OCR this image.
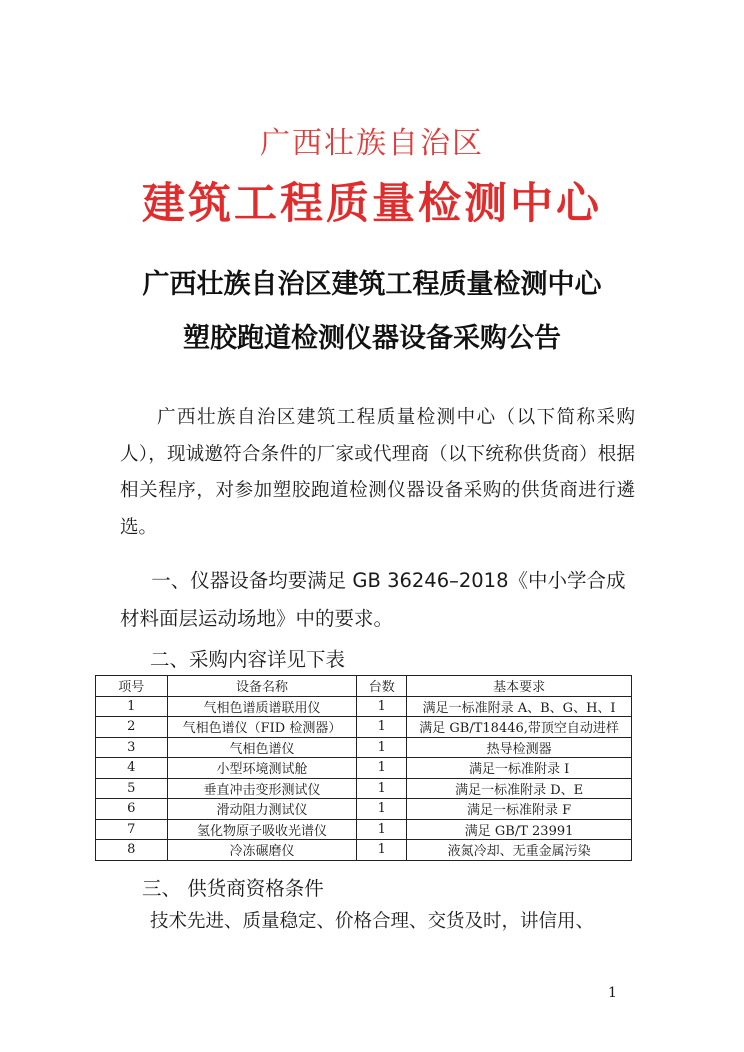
广西壮族自治区
建筑工程质量检测中心
广西壮族自治区建筑工程质量检测中心
塑胶跑道检测仪器设备采购公告
广西壮族自治区建筑工程质量检测中心（以下简称采购人），现诚邀符合条件的厂家或代理商（以下统称供货商）根据相关程序，对参加塑胶跑道检测仪器设备采购的供货商进行遴选。
一、仪器设备均要满足 GB 36246–2018《中小学合成材料面层运动场地》中的要求。
二、采购内容详见下表
项号	设备名称	台数	基本要求
1	气相色谱质谱联用仪	1	满足一标准附录 A、B、G、H、I
2	气相色谱仪（FID 检测器）	1	满足 GB/T18446,带顶空自动进样
3	气相色谱仪	1	热导检测器
4	小型环境测试舱	1	满足一标准附录 I
5	垂直冲击变形测试仪	1	满足一标准附录 D、E
6	滑动阻力测试仪	1	满足一标准附录 F
7	氢化物原子吸收光谱仪	1	满足 GB/T 23991
8	冷冻碾磨仪	1	液氮冷却、无重金属污染
三、 供货商资格条件
技术先进、质量稳定、价格合理、交货及时，讲信用、
1
